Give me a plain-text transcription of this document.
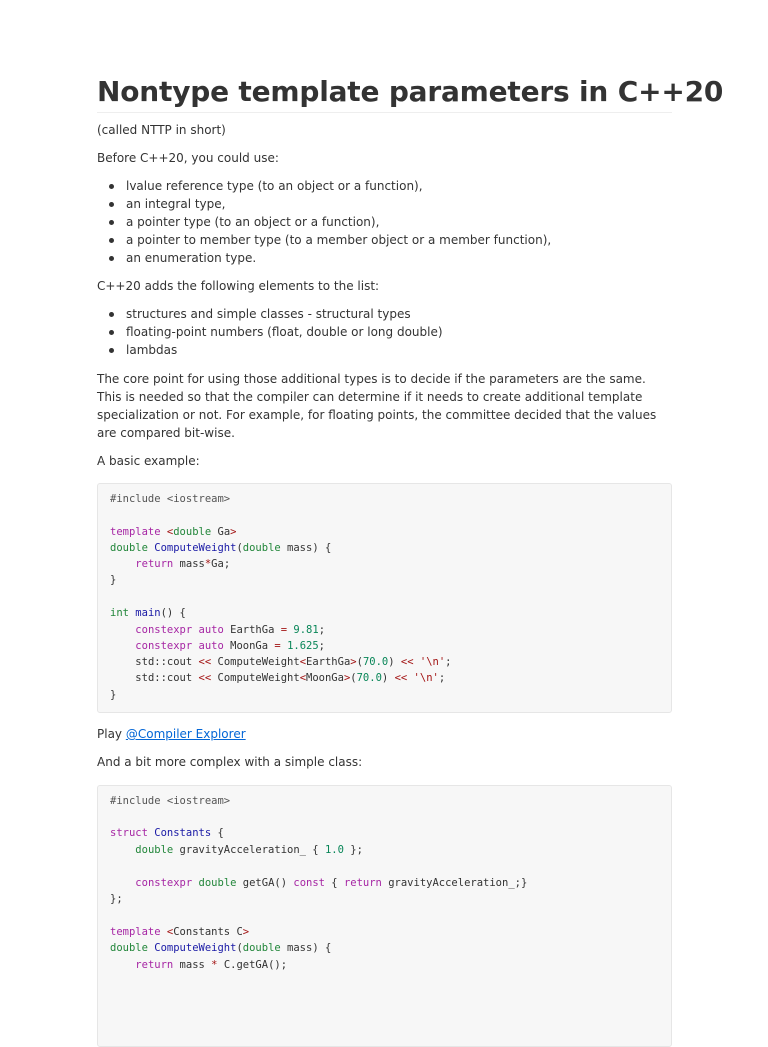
Nontype template parameters in C++20

(called NTTP in short)

Before C++20, you could use:

lvalue reference type (to an object or a function),
an integral type,
a pointer type (to an object or a function),
a pointer to member type (to a member object or a member function),
an enumeration type.

C++20 adds the following elements to the list:

structures and simple classes - structural types
floating-point numbers (float, double or long double)
lambdas

The core point for using those additional types is to decide if the parameters are the same. This is needed so that the compiler can determine if it needs to create additional template specialization or not. For example, for floating points, the committee decided that the values are compared bit-wise.

A basic example:

#include <iostream>
template <double Ga>
double ComputeWeight(double mass) {
return mass*Ga;
}
int main() {
constexpr auto EarthGa = 9.81;
constexpr auto MoonGa = 1.625;
std::cout << ComputeWeight<EarthGa>(70.0) << '\n';
std::cout << ComputeWeight<MoonGa>(70.0) << '\n';
}

Play @Compiler Explorer

And a bit more complex with a simple class:

#include <iostream>
struct Constants {
double gravityAcceleration_ { 1.0 };
constexpr double getGA() const { return gravityAcceleration_;}
};
template <Constants C>
double ComputeWeight(double mass) {
return mass * C.getGA();
